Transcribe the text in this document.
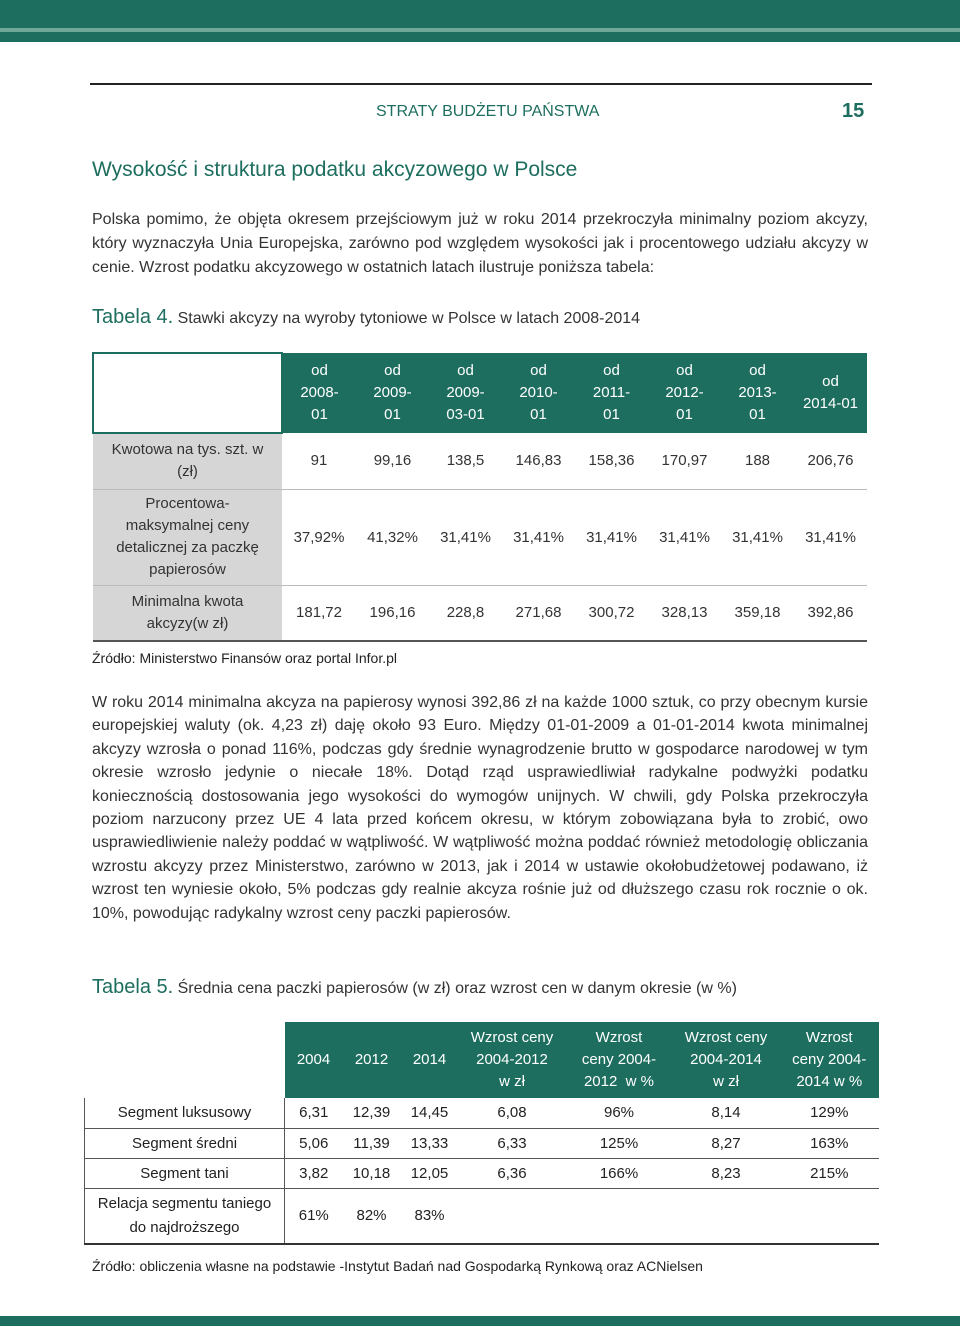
STRATY BUDŻETU PAŃSTWA	15
Wysokość i struktura podatku akcyzowego w Polsce

Polska pomimo, że objęta okresem przejściowym już w roku 2014 przekroczyła minimalny poziom akcyzy, który wyznaczyła Unia Europejska, zarówno pod względem wysokości jak i procentowego udziału akcyzy w cenie. Wzrost podatku akcyzowego w ostatnich latach ilustruje poniższa tabela:

Tabela 4. Stawki akcyzy na wyroby tytoniowe w Polsce w latach 2008-2014
	od
2008-
01	od
2009-
01	od
2009-
03-01	od
2010-
01	od
2011-
01	od
2012-
01	od
2013-
01	od
2014-01
Kwotowa na tys. szt. w
(zł)	91	99,16	138,5	146,83	158,36	170,97	188	206,76
Procentowa-
maksymalnej ceny
detalicznej za paczkę
papierosów	37,92%	41,32%	31,41%	31,41%	31,41%	31,41%	31,41%	31,41%
Minimalna kwota
akcyzy(w zł)	181,72	196,16	228,8	271,68	300,72	328,13	359,18	392,86
Źródło: Ministerstwo Finansów oraz portal Infor.pl

W roku 2014 minimalna akcyza na papierosy wynosi 392,86 zł na każde 1000 sztuk, co przy obecnym kursie europejskiej waluty (ok. 4,23 zł) daję około 93 Euro. Między 01-01-2009 a 01-01-2014 kwota minimalnej akcyzy wzrosła o ponad 116%, podczas gdy średnie wynagrodzenie brutto w gospodarce narodowej w tym okresie wzrosło jedynie o niecałe 18%. Dotąd rząd usprawiedliwiał radykalne podwyżki podatku koniecznością dostosowania jego wysokości do wymogów unijnych. W chwili, gdy Polska przekroczyła poziom narzucony przez UE 4 lata przed końcem okresu, w którym zobowiązana była to zrobić, owo usprawiedliwienie należy poddać w wątpliwość. W wątpliwość można poddać również metodologię obliczania wzrostu akcyzy przez Ministerstwo, zarówno w 2013, jak i 2014 w ustawie okołobudżetowej podawano, iż wzrost ten wyniesie około, 5% podczas gdy realnie akcyza rośnie już od dłuższego czasu rok rocznie o ok. 10%, powodując radykalny wzrost ceny paczki papierosów.

Tabela 5. Średnia cena paczki papierosów (w zł) oraz wzrost cen w danym okresie (w %)
	2004	2012	2014	Wzrost ceny
2004-2012
w zł	Wzrost
ceny 2004-
2012  w %	Wzrost ceny
2004-2014
w zł	Wzrost
ceny 2004-
2014 w %
Segment luksusowy	6,31	12,39	14,45	6,08	96%	8,14	129%
Segment średni	5,06	11,39	13,33	6,33	125%	8,27	163%
Segment tani	3,82	10,18	12,05	6,36	166%	8,23	215%
Relacja segmentu taniego
do najdroższego	61%	82%	83%				
Źródło: obliczenia własne na podstawie -Instytut Badań nad Gospodarką Rynkową oraz ACNielsen
